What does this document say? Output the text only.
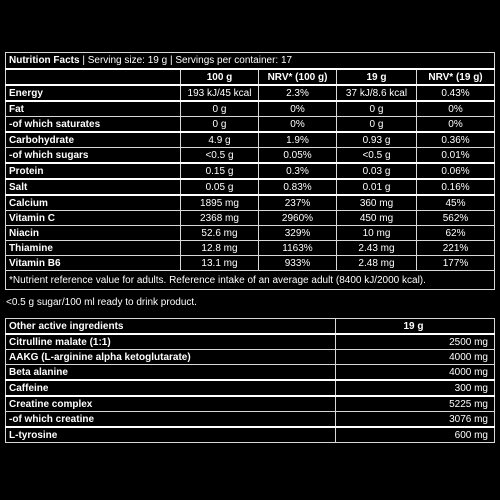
Nutrition Facts | Serving size: 19 g | Servings per container: 17				
	100 g	NRV* (100 g)	19 g	NRV* (19 g)
Energy	193 kJ/45 kcal	2.3%	37 kJ/8.6 kcal	0.43%
Fat	0 g	0%	0 g	0%
-of which saturates	0 g	0%	0 g	0%
Carbohydrate	4.9 g	1.9%	0.93 g	0.36%
-of which sugars	<0.5 g	0.05%	<0.5 g	0.01%
Protein	0.15 g	0.3%	0.03 g	0.06%
Salt	0.05 g	0.83%	0.01 g	0.16%
Calcium	1895 mg	237%	360 mg	45%
Vitamin C	2368 mg	2960%	450 mg	562%
Niacin	52.6 mg	329%	10 mg	62%
Thiamine	12.8 mg	1163%	2.43 mg	221%
Vitamin B6	13.1 mg	933%	2.48 mg	177%
*Nutrient reference value for adults. Reference intake of an average adult (8400 kJ/2000 kcal).				
<0.5 g sugar/100 ml ready to drink product.
Other active ingredients	19 g
Citrulline malate (1:1)	2500 mg
AAKG (L-arginine alpha ketoglutarate)	4000 mg
Beta alanine	4000 mg
Caffeine	300 mg
Creatine complex	5225 mg
-of which creatine	3076 mg
L-tyrosine	600 mg
